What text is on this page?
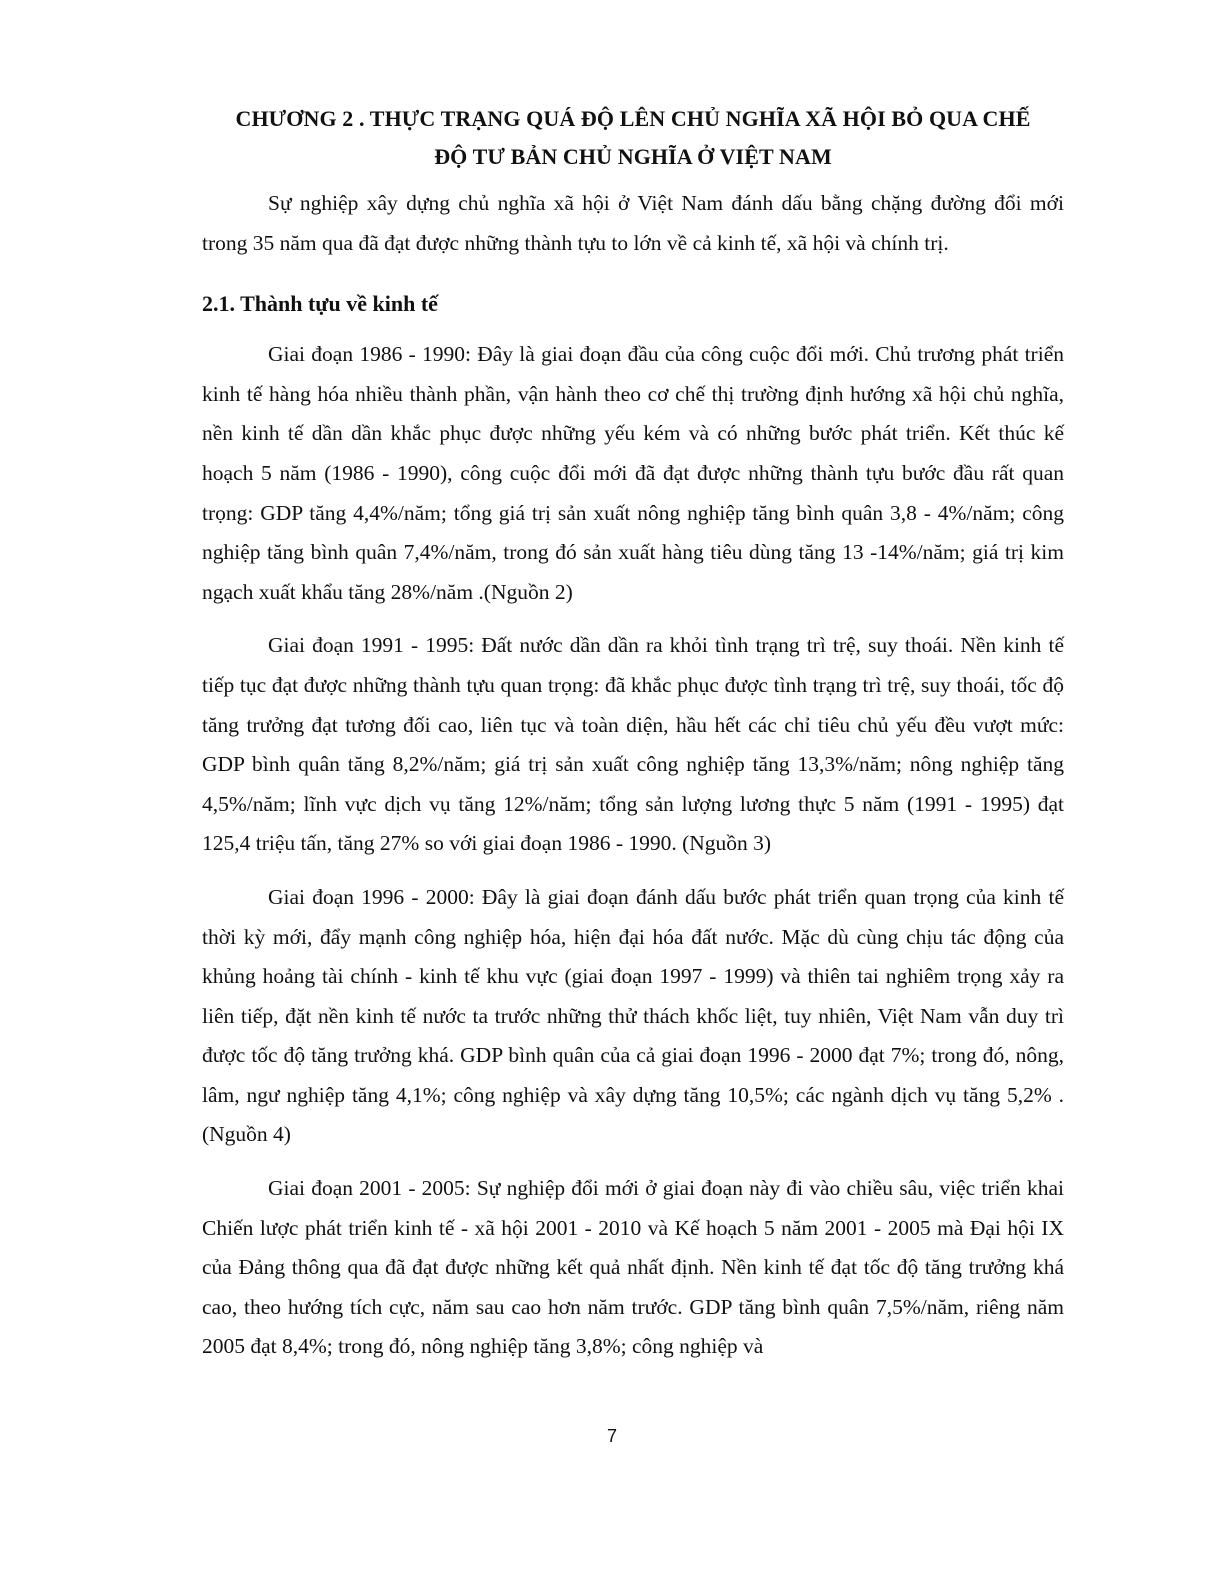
CHƯƠNG 2 . THỰC TRẠNG QUÁ ĐỘ LÊN CHỦ NGHĨA XÃ HỘI BỎ QUA CHẾ
ĐỘ TƯ BẢN CHỦ NGHĨA Ở VIỆT NAM

Sự nghiệp xây dựng chủ nghĩa xã hội ở Việt Nam đánh dấu bằng chặng đường đổi mới trong 35 năm qua đã đạt được những thành tựu to lớn về cả kinh tế, xã hội và chính trị.

2.1. Thành tựu về kinh tế

Giai đoạn 1986 - 1990: Đây là giai đoạn đầu của công cuộc đổi mới. Chủ trương phát triển kinh tế hàng hóa nhiều thành phần, vận hành theo cơ chế thị trường định hướng xã hội chủ nghĩa, nền kinh tế dần dần khắc phục được những yếu kém và có những bước phát triển. Kết thúc kế hoạch 5 năm (1986 - 1990), công cuộc đổi mới đã đạt được những thành tựu bước đầu rất quan trọng: GDP tăng 4,4%/năm; tổng giá trị sản xuất nông nghiệp tăng bình quân 3,8 - 4%/năm; công nghiệp tăng bình quân 7,4%/năm, trong đó sản xuất hàng tiêu dùng tăng 13 -14%/năm; giá trị kim ngạch xuất khẩu tăng 28%/năm .(Nguồn 2)

Giai đoạn 1991 - 1995: Đất nước dần dần ra khỏi tình trạng trì trệ, suy thoái. Nền kinh tế tiếp tục đạt được những thành tựu quan trọng: đã khắc phục được tình trạng trì trệ, suy thoái, tốc độ tăng trưởng đạt tương đối cao, liên tục và toàn diện, hầu hết các chỉ tiêu chủ yếu đều vượt mức: GDP bình quân tăng 8,2%/năm; giá trị sản xuất công nghiệp tăng 13,3%/năm; nông nghiệp tăng 4,5%/năm; lĩnh vực dịch vụ tăng 12%/năm; tổng sản lượng lương thực 5 năm (1991 - 1995) đạt 125,4 triệu tấn, tăng 27% so với giai đoạn 1986 - 1990. (Nguồn 3)

Giai đoạn 1996 - 2000: Đây là giai đoạn đánh dấu bước phát triển quan trọng của kinh tế thời kỳ mới, đẩy mạnh công nghiệp hóa, hiện đại hóa đất nước. Mặc dù cùng chịu tác động của khủng hoảng tài chính - kinh tế khu vực (giai đoạn 1997 - 1999) và thiên tai nghiêm trọng xảy ra liên tiếp, đặt nền kinh tế nước ta trước những thử thách khốc liệt, tuy nhiên, Việt Nam vẫn duy trì được tốc độ tăng trưởng khá. GDP bình quân của cả giai đoạn 1996 - 2000 đạt 7%; trong đó, nông, lâm, ngư nghiệp tăng 4,1%; công nghiệp và xây dựng tăng 10,5%; các ngành dịch vụ tăng 5,2% . (Nguồn 4)

Giai đoạn 2001 - 2005: Sự nghiệp đổi mới ở giai đoạn này đi vào chiều sâu, việc triển khai Chiến lược phát triển kinh tế - xã hội 2001 - 2010 và Kế hoạch 5 năm 2001 - 2005 mà Đại hội IX của Đảng thông qua đã đạt được những kết quả nhất định. Nền kinh tế đạt tốc độ tăng trưởng khá cao, theo hướng tích cực, năm sau cao hơn năm trước. GDP tăng bình quân 7,5%/năm, riêng năm 2005 đạt 8,4%; trong đó, nông nghiệp tăng 3,8%; công nghiệp và

7
